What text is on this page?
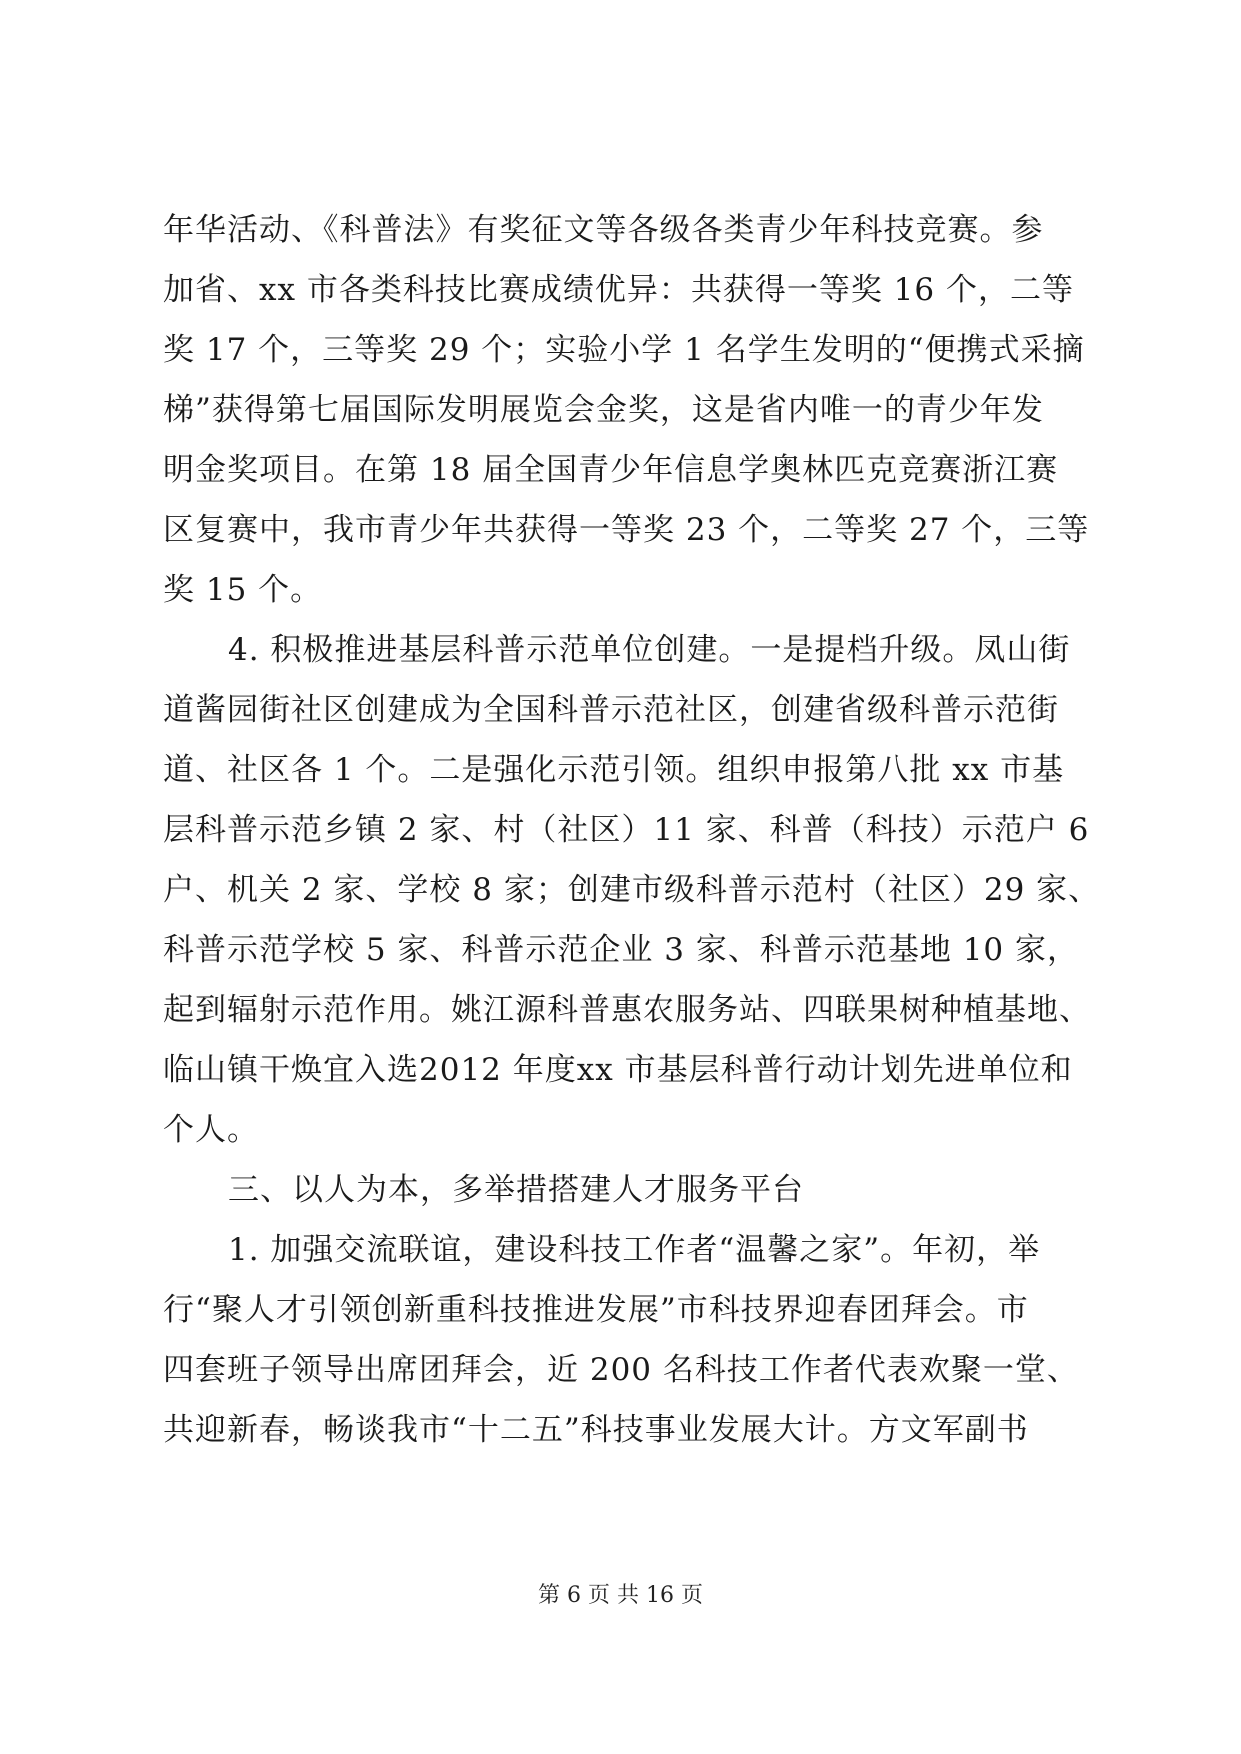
年华活动、《科普法》有奖征文等各级各类青少年科技竞赛。参
加省、xx 市各类科技比赛成绩优异：共获得一等奖 16 个，二等
奖 17 个，三等奖 29 个；实验小学 1 名学生发明的“便携式采摘
梯”获得第七届国际发明展览会金奖，这是省内唯一的青少年发
明金奖项目。在第 18 届全国青少年信息学奥林匹克竞赛浙江赛
区复赛中，我市青少年共获得一等奖 23 个，二等奖 27 个，三等
奖 15 个。
4. 积极推进基层科普示范单位创建。一是提档升级。凤山街
道酱园街社区创建成为全国科普示范社区，创建省级科普示范街
道、社区各 1 个。二是强化示范引领。组织申报第八批 xx 市基
层科普示范乡镇 2 家、村（社区）11 家、科普（科技）示范户 6
户、机关 2 家、学校 8 家；创建市级科普示范村（社区）29 家、
科普示范学校 5 家、科普示范企业 3 家、科普示范基地 10 家，
起到辐射示范作用。姚江源科普惠农服务站、四联果树种植基地、
临山镇干焕宜入选2012 年度xx 市基层科普行动计划先进单位和
个人。
三、以人为本，多举措搭建人才服务平台
1. 加强交流联谊，建设科技工作者“温馨之家”。年初，举
行“聚人才引领创新重科技推进发展”市科技界迎春团拜会。市
四套班子领导出席团拜会，近 200 名科技工作者代表欢聚一堂、
共迎新春，畅谈我市“十二五”科技事业发展大计。方文军副书
第 6 页 共 16 页
